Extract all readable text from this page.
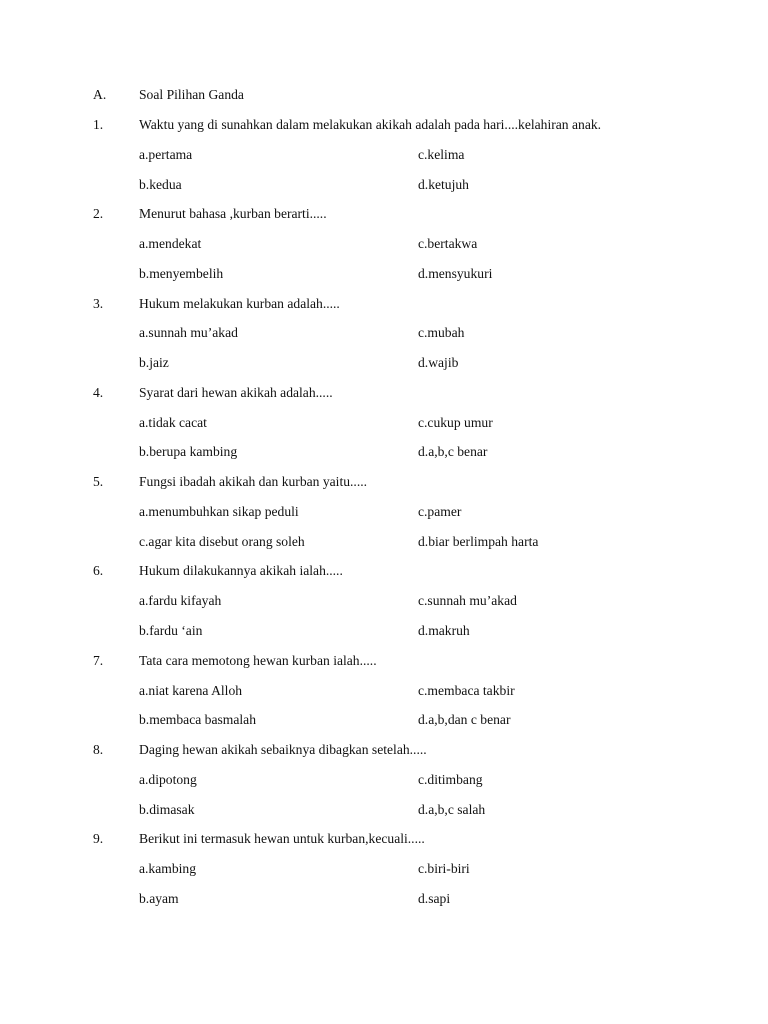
A. Soal Pilihan Ganda
1.	Waktu yang di sunahkan dalam melakukan akikah adalah pada hari....kelahiran anak.
a.pertama	c.kelima
b.kedua	d.ketujuh
2.	Menurut bahasa ,kurban berarti.....
a.mendekat	c.bertakwa
b.menyembelih	d.mensyukuri
3.	Hukum melakukan kurban adalah.....
a.sunnah mu’akad	c.mubah
b.jaiz	d.wajib
4.	Syarat dari hewan akikah adalah.....
a.tidak cacat	c.cukup umur
b.berupa kambing	d.a,b,c benar
5.	Fungsi ibadah akikah dan kurban yaitu.....
a.menumbuhkan sikap peduli	c.pamer
c.agar kita disebut orang soleh	d.biar berlimpah harta
6.	Hukum dilakukannya akikah ialah.....
a.fardu kifayah	c.sunnah mu’akad
b.fardu ‘ain	d.makruh
7.	Tata cara memotong hewan kurban ialah.....
a.niat karena Alloh	c.membaca takbir
b.membaca basmalah	d.a,b,dan c benar
8.	Daging hewan akikah sebaiknya dibagkan setelah.....
a.dipotong	c.ditimbang
b.dimasak	d.a,b,c salah
9.	Berikut ini termasuk hewan untuk kurban,kecuali.....
a.kambing	c.biri-biri
b.ayam	d.sapi
